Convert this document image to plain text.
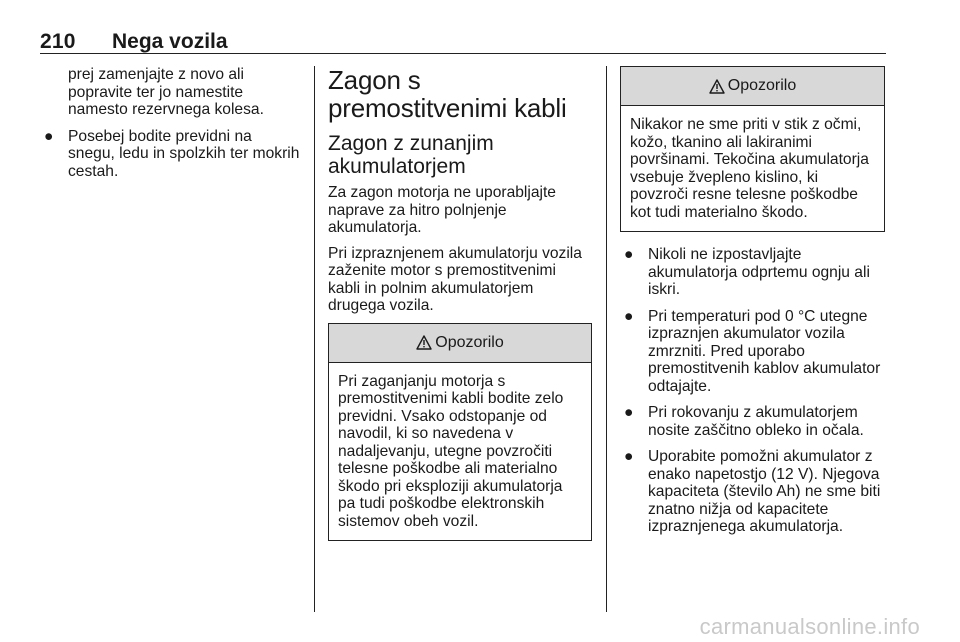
210 Nega vozila
prej zamenjajte z novo ali popravite ter jo namestite namesto rezervnega kolesa.
● Posebej bodite previdni na snegu, ledu in spolzkih ter mokrih cestah.
Zagon s premostitvenimi kabli
Zagon z zunanjim akumulatorjem

Za zagon motorja ne uporabljajte naprave za hitro polnjenje akumulatorja.

Pri izpraznjenem akumulatorju vozila zaženite motor s premostitvenimi kabli in polnim akumulatorjem drugega vozila.

Opozorilo
Pri zaganjanju motorja s premostitvenimi kabli bodite zelo previdni. Vsako odstopanje od navodil, ki so navedena v nadaljevanju, utegne povzročiti telesne poškodbe ali materialno škodo pri eksploziji akumulatorja pa tudi poškodbe elektronskih sistemov obeh vozil.
Opozorilo
Nikakor ne sme priti v stik z očmi, kožo, tkanino ali lakiranimi površinami. Tekočina akumulatorja vsebuje žvepleno kislino, ki povzroči resne telesne poškodbe kot tudi materialno škodo.
● Nikoli ne izpostavljajte akumulatorja odprtemu ognju ali iskri.
● Pri temperaturi pod 0 °C utegne izpraznjen akumulator vozila zmrzniti. Pred uporabo premostitvenih kablov akumulator odtajajte.
● Pri rokovanju z akumulatorjem nosite zaščitno obleko in očala.
● Uporabite pomožni akumulator z enako napetostjo (12 V). Njegova kapaciteta (število Ah) ne sme biti znatno nižja od kapacitete izpraznjenega akumulatorja.
carmanualsonline.info
